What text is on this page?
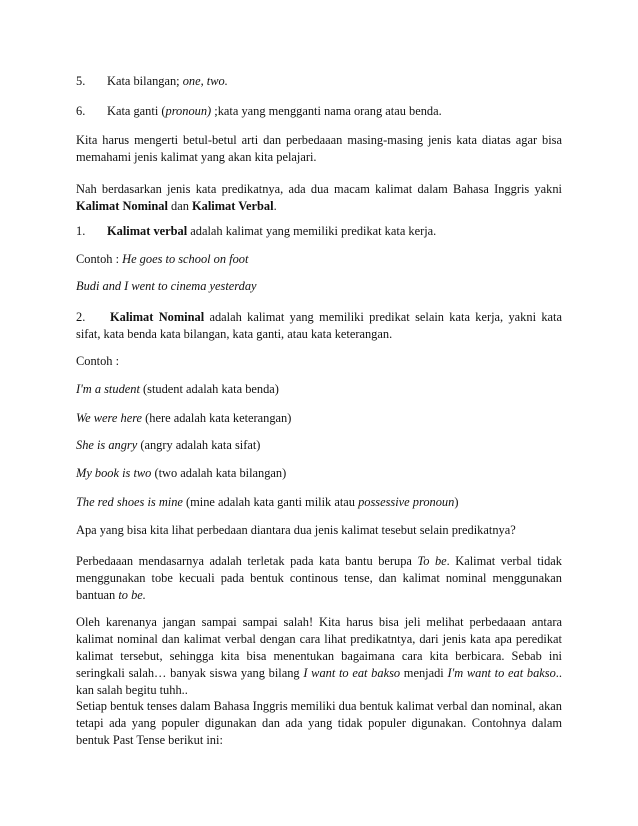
5. Kata bilangan; one, two.

6. Kata ganti (pronoun) ;kata yang mengganti nama orang atau benda.

Kita harus mengerti betul-betul arti dan perbedaaan masing-masing jenis kata diatas agar bisa memahami jenis kalimat yang akan kita pelajari.

Nah berdasarkan jenis kata predikatnya, ada dua macam kalimat dalam Bahasa Inggris yakni Kalimat Nominal dan Kalimat Verbal.

1. Kalimat verbal adalah kalimat yang memiliki predikat kata kerja.

Contoh : He goes to school on foot

Budi and I went to cinema yesterday

2. Kalimat Nominal adalah kalimat yang memiliki predikat selain kata kerja, yakni kata sifat, kata benda kata bilangan, kata ganti, atau kata keterangan.

Contoh :

I'm a student (student adalah kata benda)

We were here (here adalah kata keterangan)

She is angry (angry adalah kata sifat)

My book is two (two adalah kata bilangan)

The red shoes is mine (mine adalah kata ganti milik atau possessive pronoun)

Apa yang bisa kita lihat perbedaan diantara dua jenis kalimat tesebut selain predikatnya?

Perbedaaan mendasarnya adalah terletak pada kata bantu berupa To be. Kalimat verbal tidak menggunakan tobe kecuali pada bentuk continous tense, dan kalimat nominal menggunakan bantuan to be.

Oleh karenanya jangan sampai sampai salah! Kita harus bisa jeli melihat perbedaaan antara kalimat nominal dan kalimat verbal dengan cara lihat predikatntya, dari jenis kata apa peredikat kalimat tersebut, sehingga kita bisa menentukan bagaimana cara kita berbicara. Sebab ini seringkali salah… banyak siswa yang bilang I want to eat bakso menjadi I'm want to eat bakso.. kan salah begitu tuhh..

Setiap bentuk tenses dalam Bahasa Inggris memiliki dua bentuk kalimat verbal dan nominal, akan tetapi ada yang populer digunakan dan ada yang tidak populer digunakan. Contohnya dalam bentuk Past Tense berikut ini:
